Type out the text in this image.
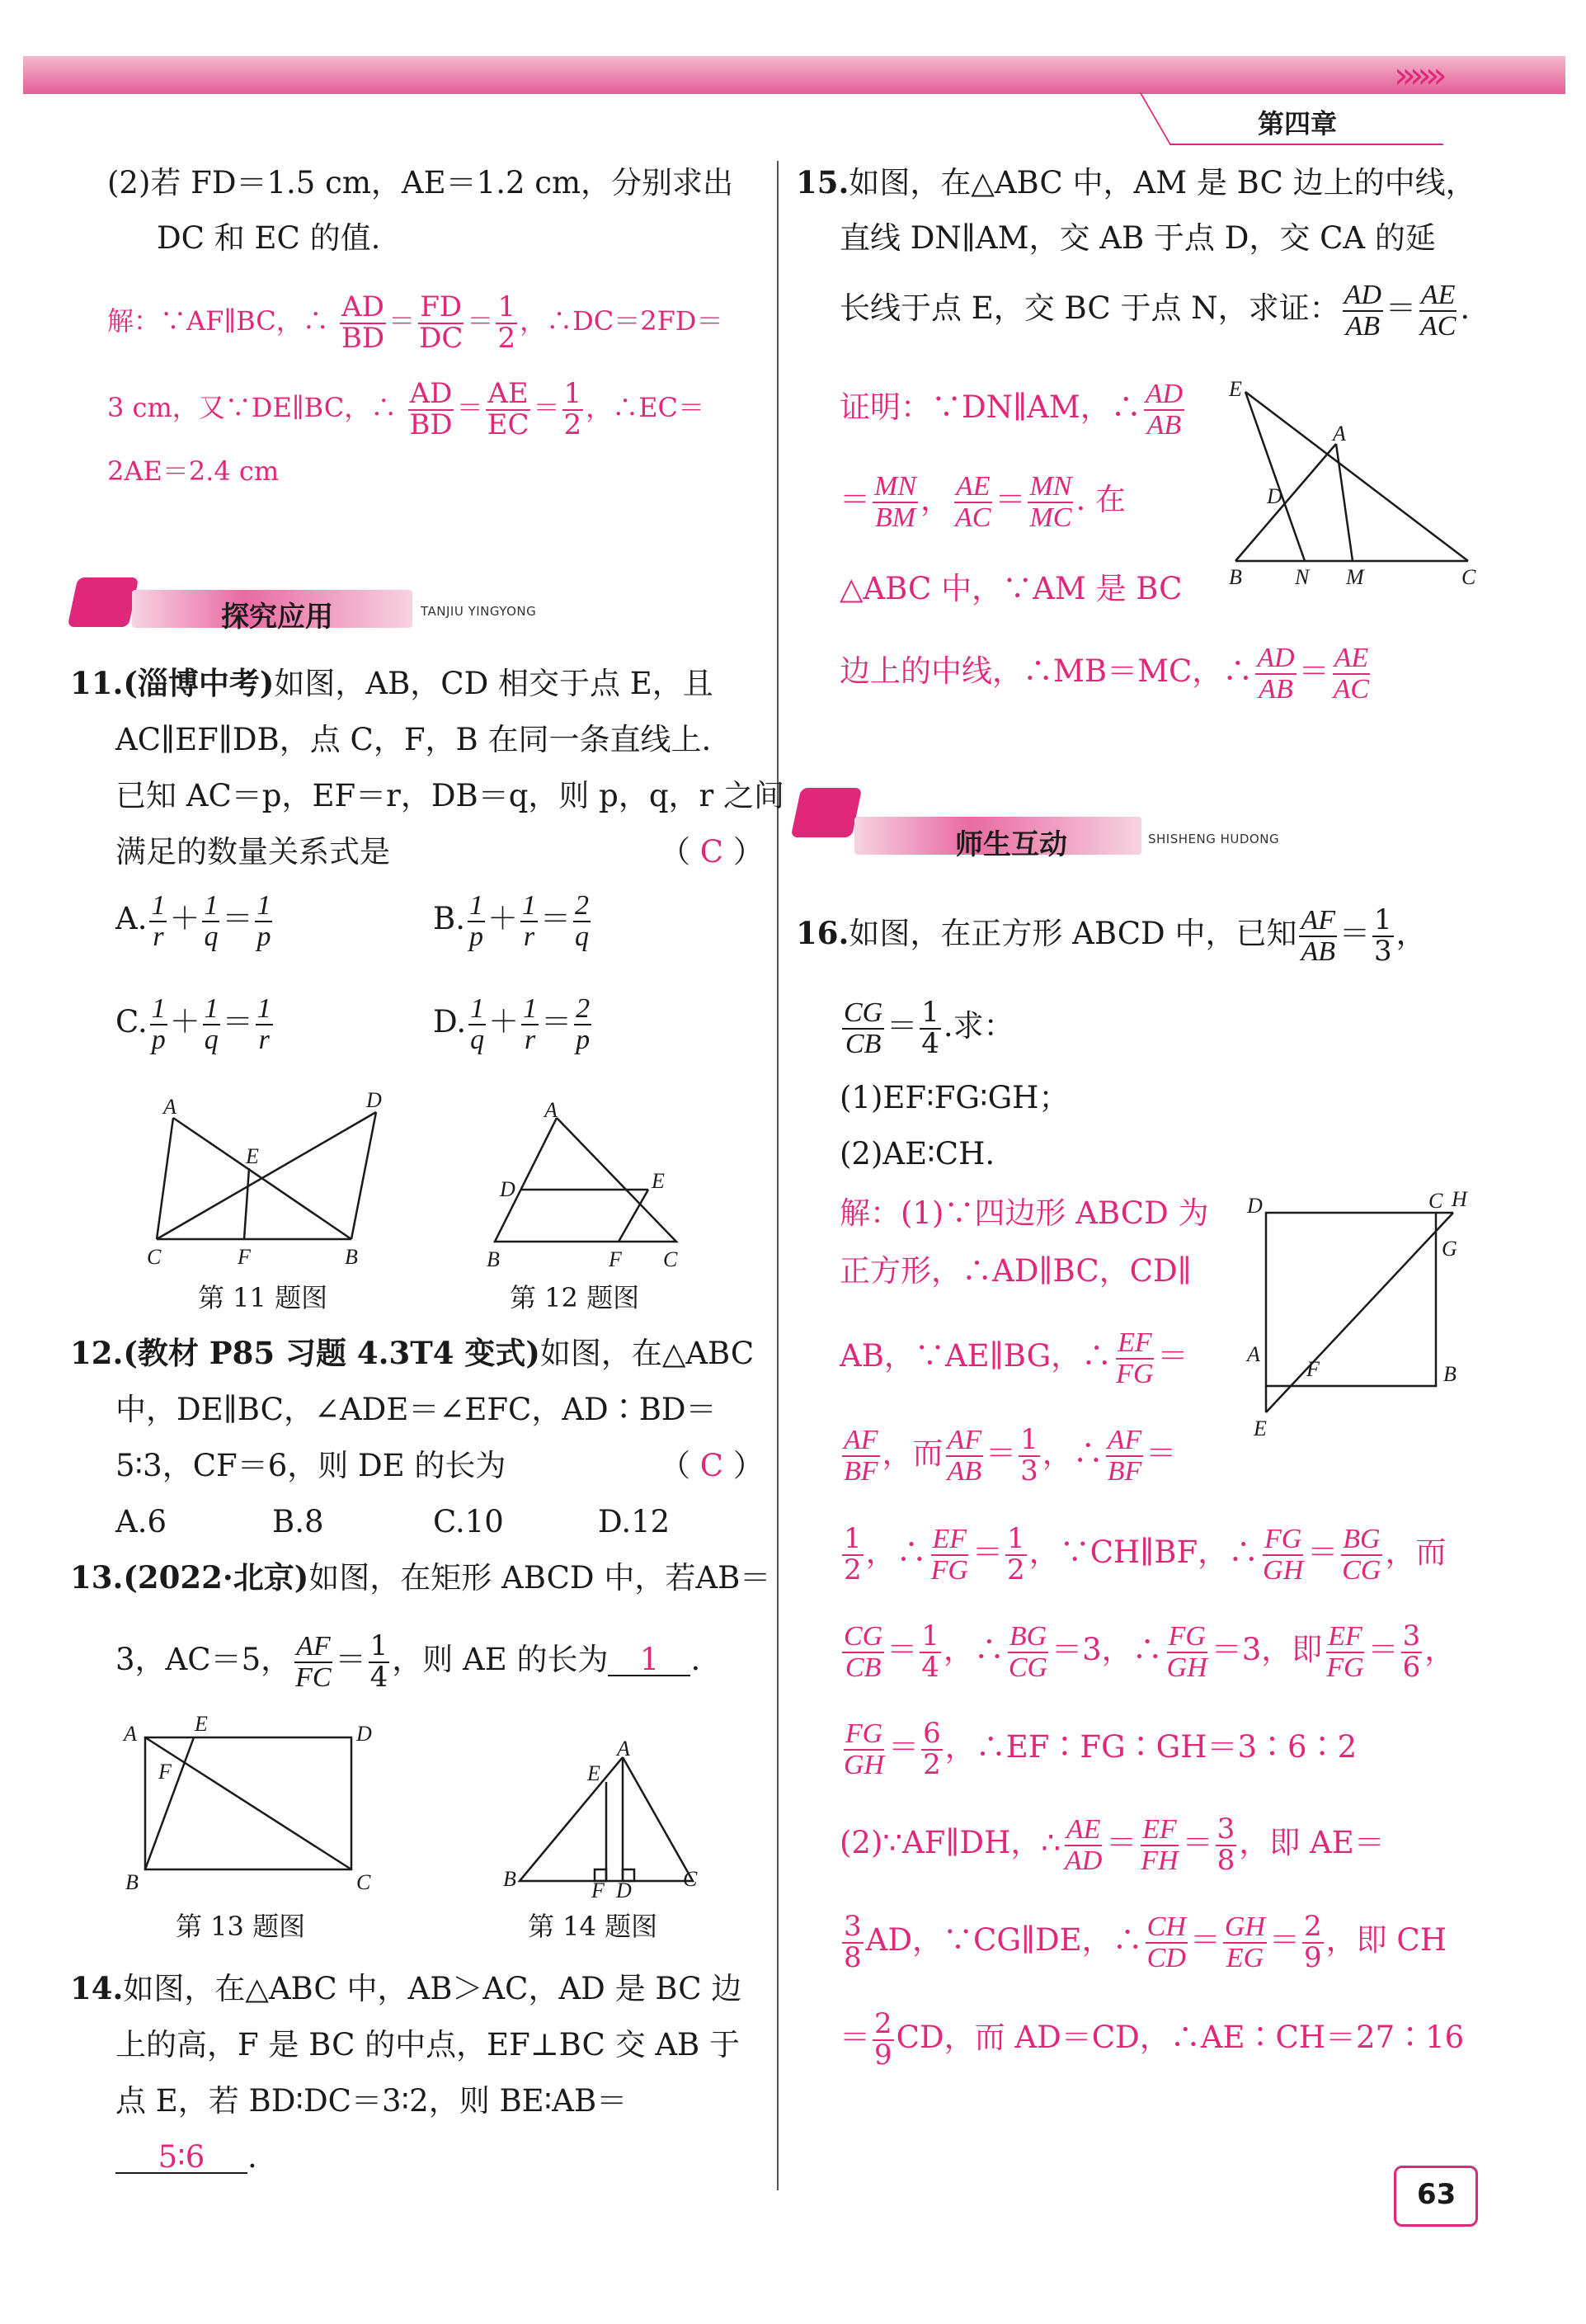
»»»
第四章
(2)若 FD＝1.5 cm，AE＝1.2 cm，分别求出
DC 和 EC 的值.
解：∵AF∥BC，∴ $\frac{AD}{BD} = \frac{FD}{DC} = \frac{1}{2}$ ，∴DC＝2FD＝
3 cm，又∵DE∥BC，∴ $\frac{AD}{BD} = \frac{AE}{EC} = \frac{1}{2}$ ，∴EC＝
2AE＝2.4 cm
探究应用	TANJIU YINGYONG
11.(淄博中考)如图，AB，CD 相交于点 E，且
AC∥EF∥DB，点 C，F，B 在同一条直线上.
已知 AC＝p，EF＝r，DB＝q，则 p，q，r 之间
满足的数量关系式是	（ C ）
A. $\frac{1}{r} + \frac{1}{q} = \frac{1}{p}$	B. $\frac{1}{p} + \frac{1}{r} = \frac{2}{q}$
C. $\frac{1}{p} + \frac{1}{q} = \frac{1}{r}$	D. $\frac{1}{q} + \frac{1}{r} = \frac{2}{p}$
A	D
E
C	F	B
第 11 题图
A
D	E
B	F C
第 12 题图
12.(教材 P85 习题 4.3T4 变式)如图，在△ABC
中，DE∥BC，∠ADE＝∠EFC，AD∶BD＝
5∶3，CF＝6，则 DE 的长为	（ C ）
A.6	B.8	C.10	D.12
13.(2022·北京)如图，在矩形 ABCD 中，若AB＝
3，AC＝5， $\frac{AF}{FC} = \frac{1}{4}$ ，则 AE 的长为 1 .
A	E	D
F
B	C
第 13 题图
A
E
B	C
F D
第 14 题图
14.如图，在△ABC 中，AB＞AC，AD 是 BC 边
上的高，F 是 BC 的中点，EF⊥BC 交 AB 于
点 E，若 BD∶DC＝3∶2，则 BE∶AB＝
5∶6 .
15.如图，在△ABC 中，AM 是 BC 边上的中线，
直线 DN∥AM，交 AB 于点 D，交 CA 的延
长线于点 E，交 BC 于点 N，求证： $\frac{AD}{AB} = \frac{AE}{AC}$ .
证明：∵DN∥AM，∴ $\frac{AD}{AB}$
＝ $\frac{MN}{BM}$ ， $\frac{AE}{AC} = \frac{MN}{MC}$ . 在
△ABC 中，∵AM 是 BC
边上的中线，∴MB＝MC，∴ $\frac{AD}{AB} = \frac{AE}{AC}$
E
A
D
B N M	C
师生互动	SHISHENG HUDONG
16.如图，在正方形 ABCD 中，已知 $\frac{AF}{AB} = \frac{1}{3}$ ，
$\frac{CG}{CB} = \frac{1}{4}$ .求：
(1)EF∶FG∶GH；
(2)AE∶CH.
解：(1)∵四边形 ABCD 为
正方形，∴AD∥BC，CD∥
AB，∵AE∥BG，∴ $\frac{EF}{FG}$ ＝
$\frac{AF}{BF}$ ，而 $\frac{AF}{AB} = \frac{1}{3}$ ，∴ $\frac{AF}{BF}$ ＝
$\frac{1}{2}$ ，∴ $\frac{EF}{FG} = \frac{1}{2}$ ，∵CH∥BF，∴ $\frac{FG}{GH} = \frac{BG}{CG}$ ，而
$\frac{CG}{CB} = \frac{1}{4}$ ，∴ $\frac{BG}{CG} =3$，∴ $\frac{FG}{GH} =3$，即 $\frac{EF}{FG} = \frac{3}{6}$ ，
$\frac{FG}{GH} = \frac{6}{2}$ ，∴EF∶FG∶GH＝3∶6∶2
(2)∵AF∥DH，∴ $\frac{AE}{AD} = \frac{EF}{FH} = \frac{3}{8}$ ，即 AE＝
$\frac{3}{8}$ AD，∵CG∥DE，∴ $\frac{CH}{CD} = \frac{GH}{EG} = \frac{2}{9}$ ，即 CH
＝ $\frac{2}{9}$ CD，而 AD＝CD，∴AE∶CH＝27∶16
D	C H
G
A
F	B
E
63
